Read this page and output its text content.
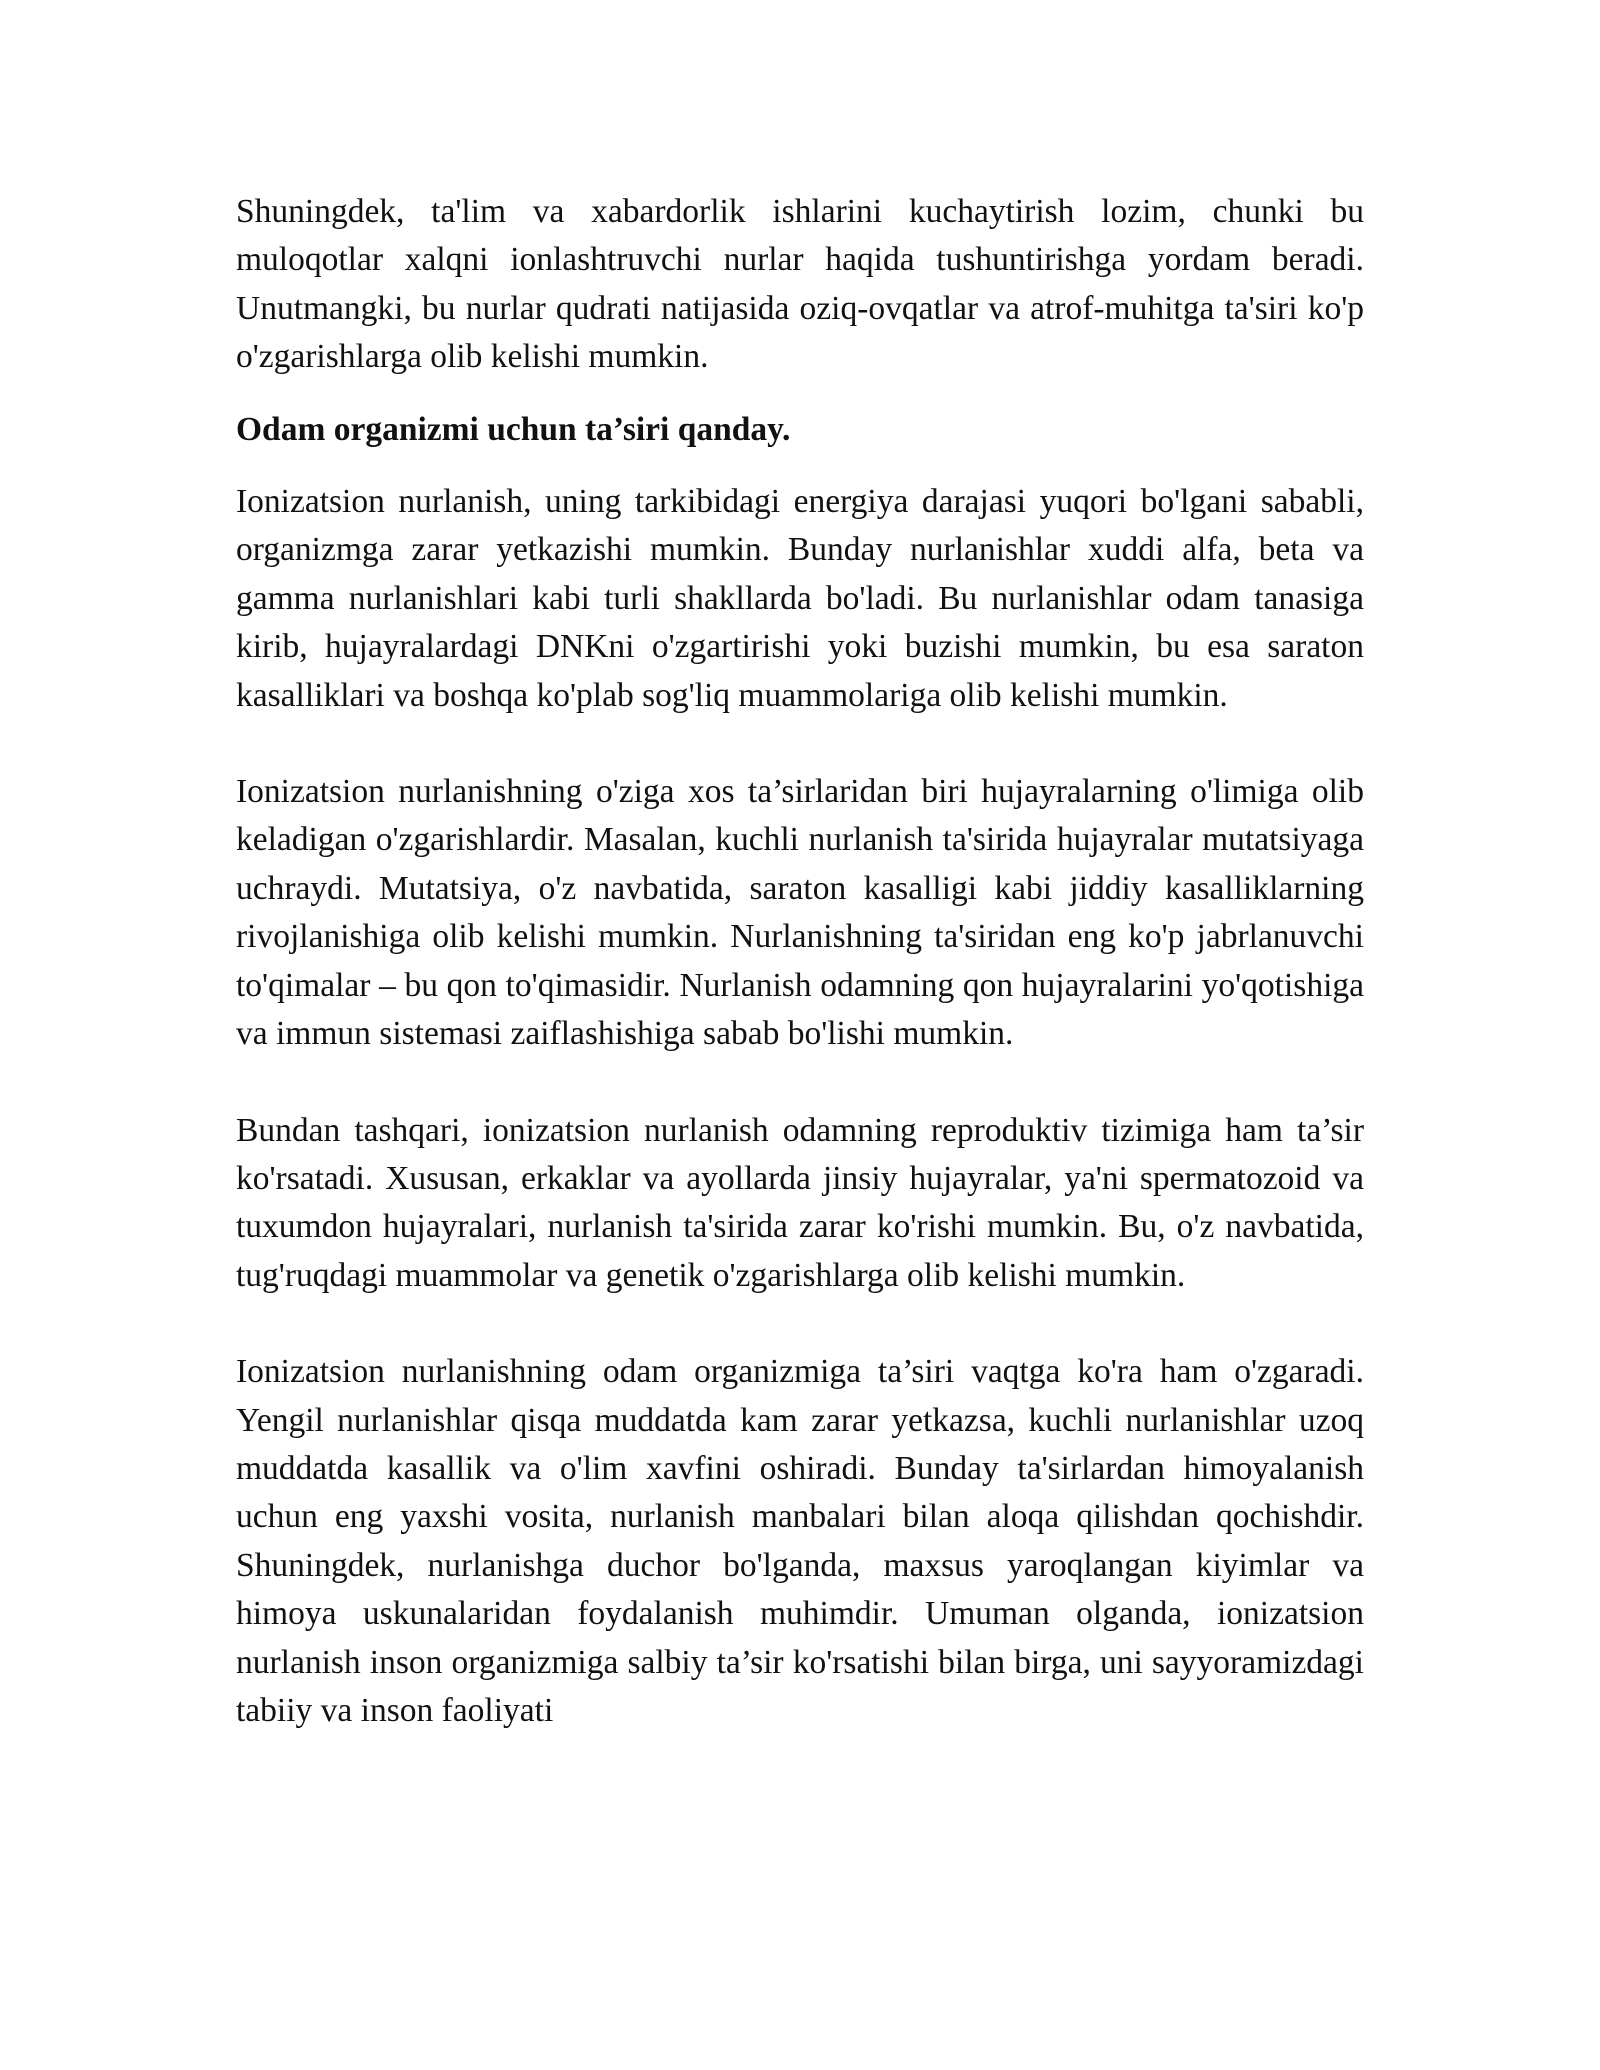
Shuningdek, ta'lim va xabardorlik ishlarini kuchaytirish lozim, chunki bu muloqotlar xalqni ionlashtruvchi nurlar haqida tushuntirishga yordam beradi. Unutmangki, bu nurlar qudrati natijasida oziq-ovqatlar va atrof-muhitga ta'siri ko'p o'zgarishlarga olib kelishi mumkin.

Odam organizmi uchun ta’siri qanday.

Ionizatsion nurlanish, uning tarkibidagi energiya darajasi yuqori bo'lgani sababli, organizmga zarar yetkazishi mumkin. Bunday nurlanishlar xuddi alfa, beta va gamma nurlanishlari kabi turli shakllarda bo'ladi. Bu nurlanishlar odam tanasiga kirib, hujayralardagi DNKni o'zgartirishi yoki buzishi mumkin, bu esa saraton kasalliklari va boshqa ko'plab sog'liq muammolariga olib kelishi mumkin.

Ionizatsion nurlanishning o'ziga xos ta’sirlaridan biri hujayralarning o'limiga olib keladigan o'zgarishlardir. Masalan, kuchli nurlanish ta'sirida hujayralar mutatsiyaga uchraydi. Mutatsiya, o'z navbatida, saraton kasalligi kabi jiddiy kasalliklarning rivojlanishiga olib kelishi mumkin. Nurlanishning ta'siridan eng ko'p jabrlanuvchi to'qimalar – bu qon to'qimasidir. Nurlanish odamning qon hujayralarini yo'qotishiga va immun sistemasi zaiflashishiga sabab bo'lishi mumkin.

Bundan tashqari, ionizatsion nurlanish odamning reproduktiv tizimiga ham ta’sir ko'rsatadi. Xususan, erkaklar va ayollarda jinsiy hujayralar, ya'ni spermatozoid va tuxumdon hujayralari, nurlanish ta'sirida zarar ko'rishi mumkin. Bu, o'z navbatida, tug'ruqdagi muammolar va genetik o'zgarishlarga olib kelishi mumkin.

Ionizatsion nurlanishning odam organizmiga ta’siri vaqtga ko'ra ham o'zgaradi. Yengil nurlanishlar qisqa muddatda kam zarar yetkazsa, kuchli nurlanishlar uzoq muddatda kasallik va o'lim xavfini oshiradi. Bunday ta'sirlardan himoyalanish uchun eng yaxshi vosita, nurlanish manbalari bilan aloqa qilishdan qochishdir. Shuningdek, nurlanishga duchor bo'lganda, maxsus yaroqlangan kiyimlar va himoya uskunalaridan foydalanish muhimdir. Umuman olganda, ionizatsion nurlanish inson organizmiga salbiy ta’sir ko'rsatishi bilan birga, uni sayyoramizdagi tabiiy va inson faoliyati
